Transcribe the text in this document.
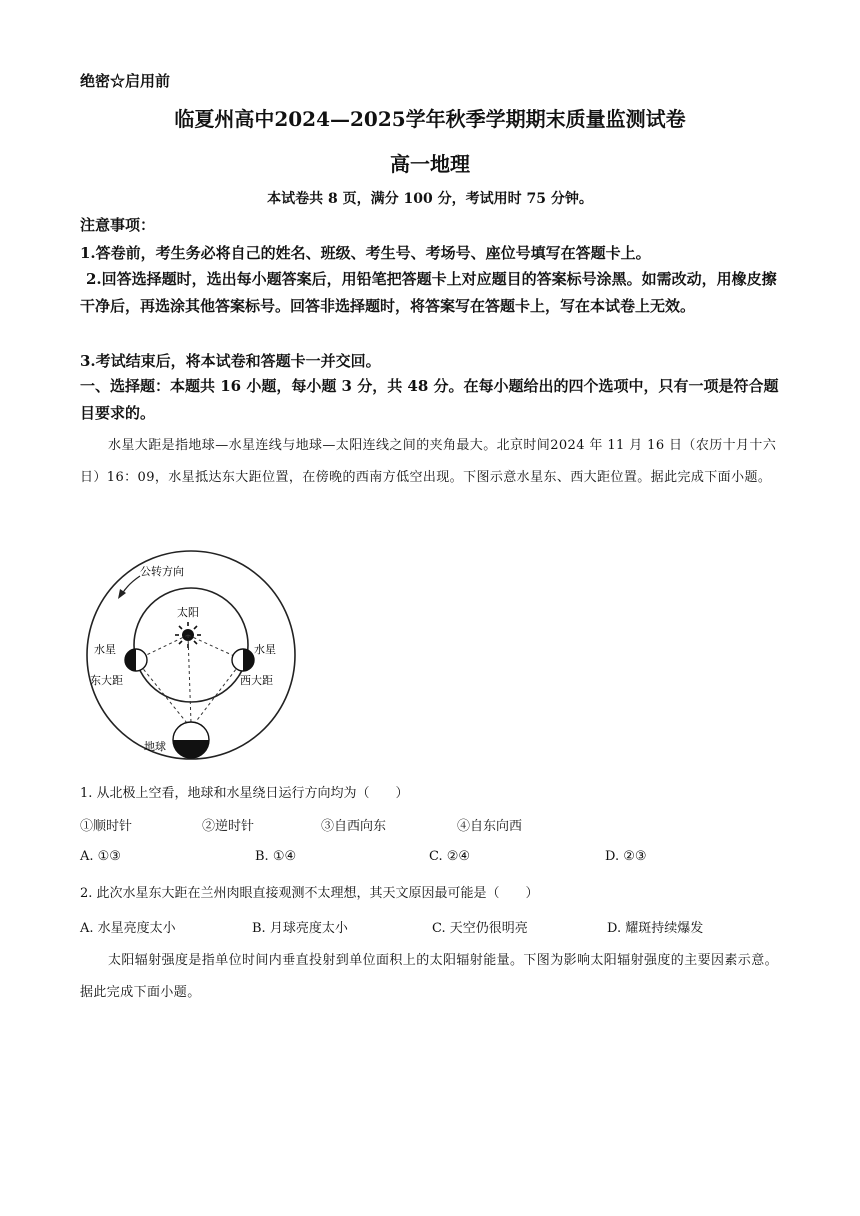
绝密☆启用前
临夏州高中2024—2025学年秋季学期期末质量监测试卷
高一地理
本试卷共 8 页，满分 100 分，考试用时 75 分钟。
注意事项：
1.答卷前，考生务必将自己的姓名、班级、考生号、考场号、座位号填写在答题卡上。
2.回答选择题时，选出每小题答案后，用铅笔把答题卡上对应题目的答案标号涂黑。如需改动，用橡皮擦干净后，再选涂其他答案标号。回答非选择题时，将答案写在答题卡上，写在本试卷上无效。
3.考试结束后，将本试卷和答题卡一并交回。
一、选择题：本题共 16 小题，每小题 3 分，共 48 分。在每小题给出的四个选项中，只有一项是符合题目要求的。
水星大距是指地球—水星连线与地球—太阳连线之间的夹角最大。北京时间2024 年 11 月 16 日（农历十月十六日）16：09，水星抵达东大距位置，在傍晚的西南方低空出现。下图示意水星东、西大距位置。据此完成下面小题。
公转方向
太阳
水星
东大距
水星
西大距
地球
1. 从北极上空看，地球和水星绕日运行方向均为（　　）
①顺时针	②逆时针	③自西向东	④自东向西
A. ①③	B. ①④	C. ②④	D. ②③
2. 此次水星东大距在兰州肉眼直接观测不太理想，其天文原因最可能是（　　）
A. 水星亮度太小	B. 月球亮度太小	C. 天空仍很明亮	D. 耀斑持续爆发
太阳辐射强度是指单位时间内垂直投射到单位面积上的太阳辐射能量。下图为影响太阳辐射强度的主要因素示意。据此完成下面小题。
